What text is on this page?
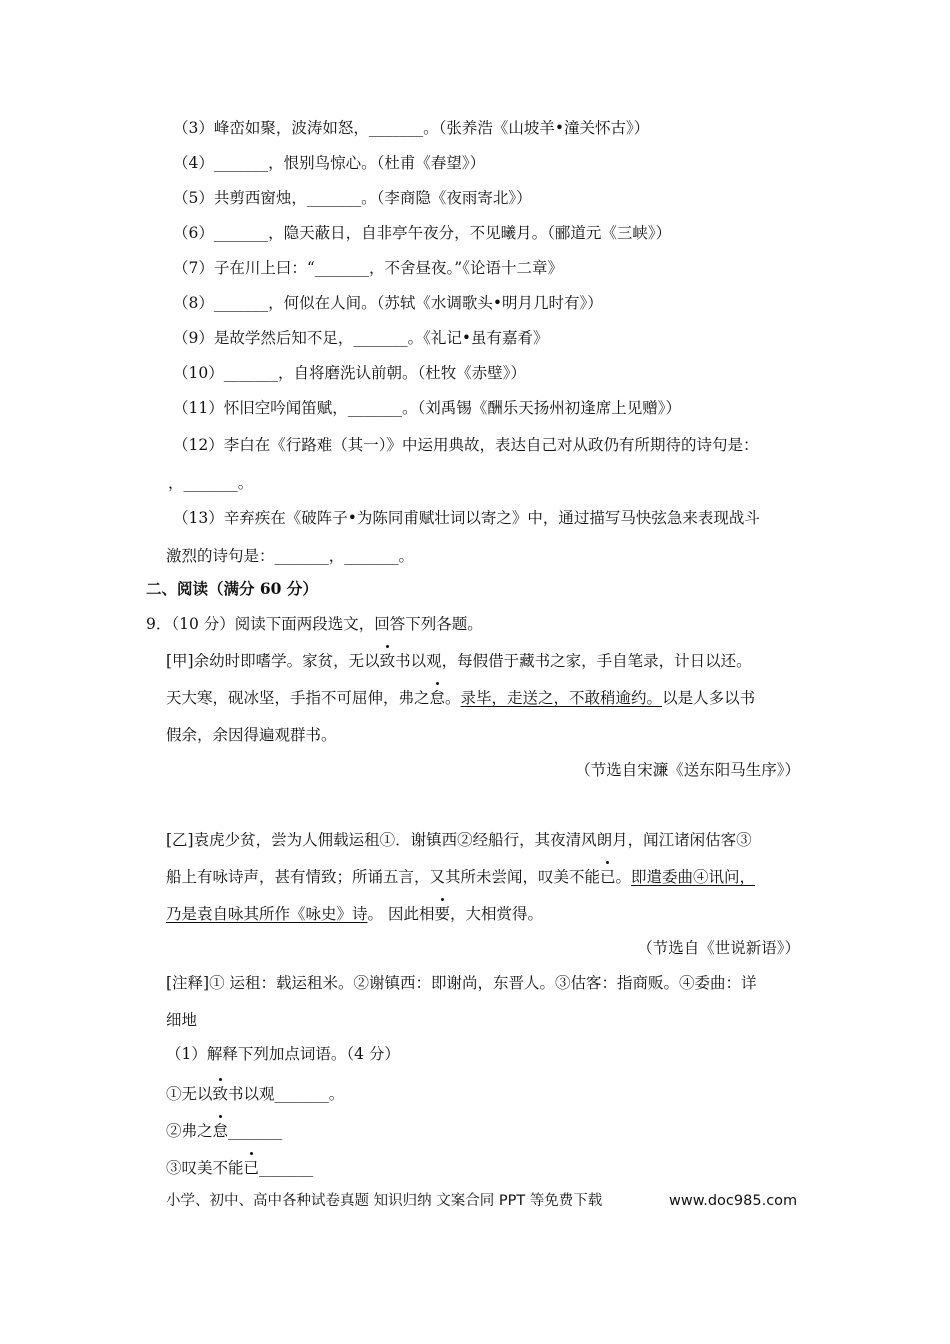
（3）峰峦如聚，波涛如怒，_______。（张养浩《山坡羊•潼关怀古》）
（4）_______，恨别鸟惊心。（杜甫《春望》）
（5）共剪西窗烛，_______。（李商隐《夜雨寄北》）
（6）_______，隐天蔽日，自非亭午夜分，不见曦月。（郦道元《三峡》）
（7）子在川上曰：“_______，不舍昼夜。”《论语十二章》
（8）_______，何似在人间。（苏轼《水调歌头•明月几时有》）
（9）是故学然后知不足，_______。《礼记•虽有嘉肴》
（10）_______，自将磨洗认前朝。（杜牧《赤壁》）
（11）怀旧空吟闻笛赋，_______。（刘禹锡《酬乐天扬州初逢席上见赠》）
（12）李白在《行路难（其一）》中运用典故，表达自己对从政仍有所期待的诗句是：
，_______。
（13）辛弃疾在《破阵子•为陈同甫赋壮词以寄之》中，通过描写马快弦急来表现战斗
激烈的诗句是：_______，_______。
二、阅读（满分 60 分）
9．（10 分）阅读下面两段选文，回答下列各题。
[甲]余幼时即嗜学。家贫，无以致书以观，每假借于藏书之家，手自笔录，计日以还。
天大寒，砚冰坚，手指不可屈伸，弗之怠。录毕，走送之，不敢稍逾约。以是人多以书
假余，余因得遍观群书。
（节选自宋濂《送东阳马生序》）
[乙]袁虎少贫，尝为人佣载运租①．谢镇西②经船行，其夜清风朗月，闻江诸闲估客③
船上有咏诗声，甚有情致；所诵五言，又其所未尝闻，叹美不能已。即遣委曲④讯问，
乃是袁自咏其所作《咏史》诗。 因此相要，大相赏得。
（节选自《世说新语》）
[注释]① 运租：载运租米。②谢镇西：即谢尚，东晋人。③估客：指商贩。④委曲：详
细地
（1）解释下列加点词语。（4 分）
①无以致书以观_______。
②弗之怠_______
③叹美不能已_______
小学、初中、高中各种试卷真题 知识归纳 文案合同 PPT 等免费下载	www.doc985.com
